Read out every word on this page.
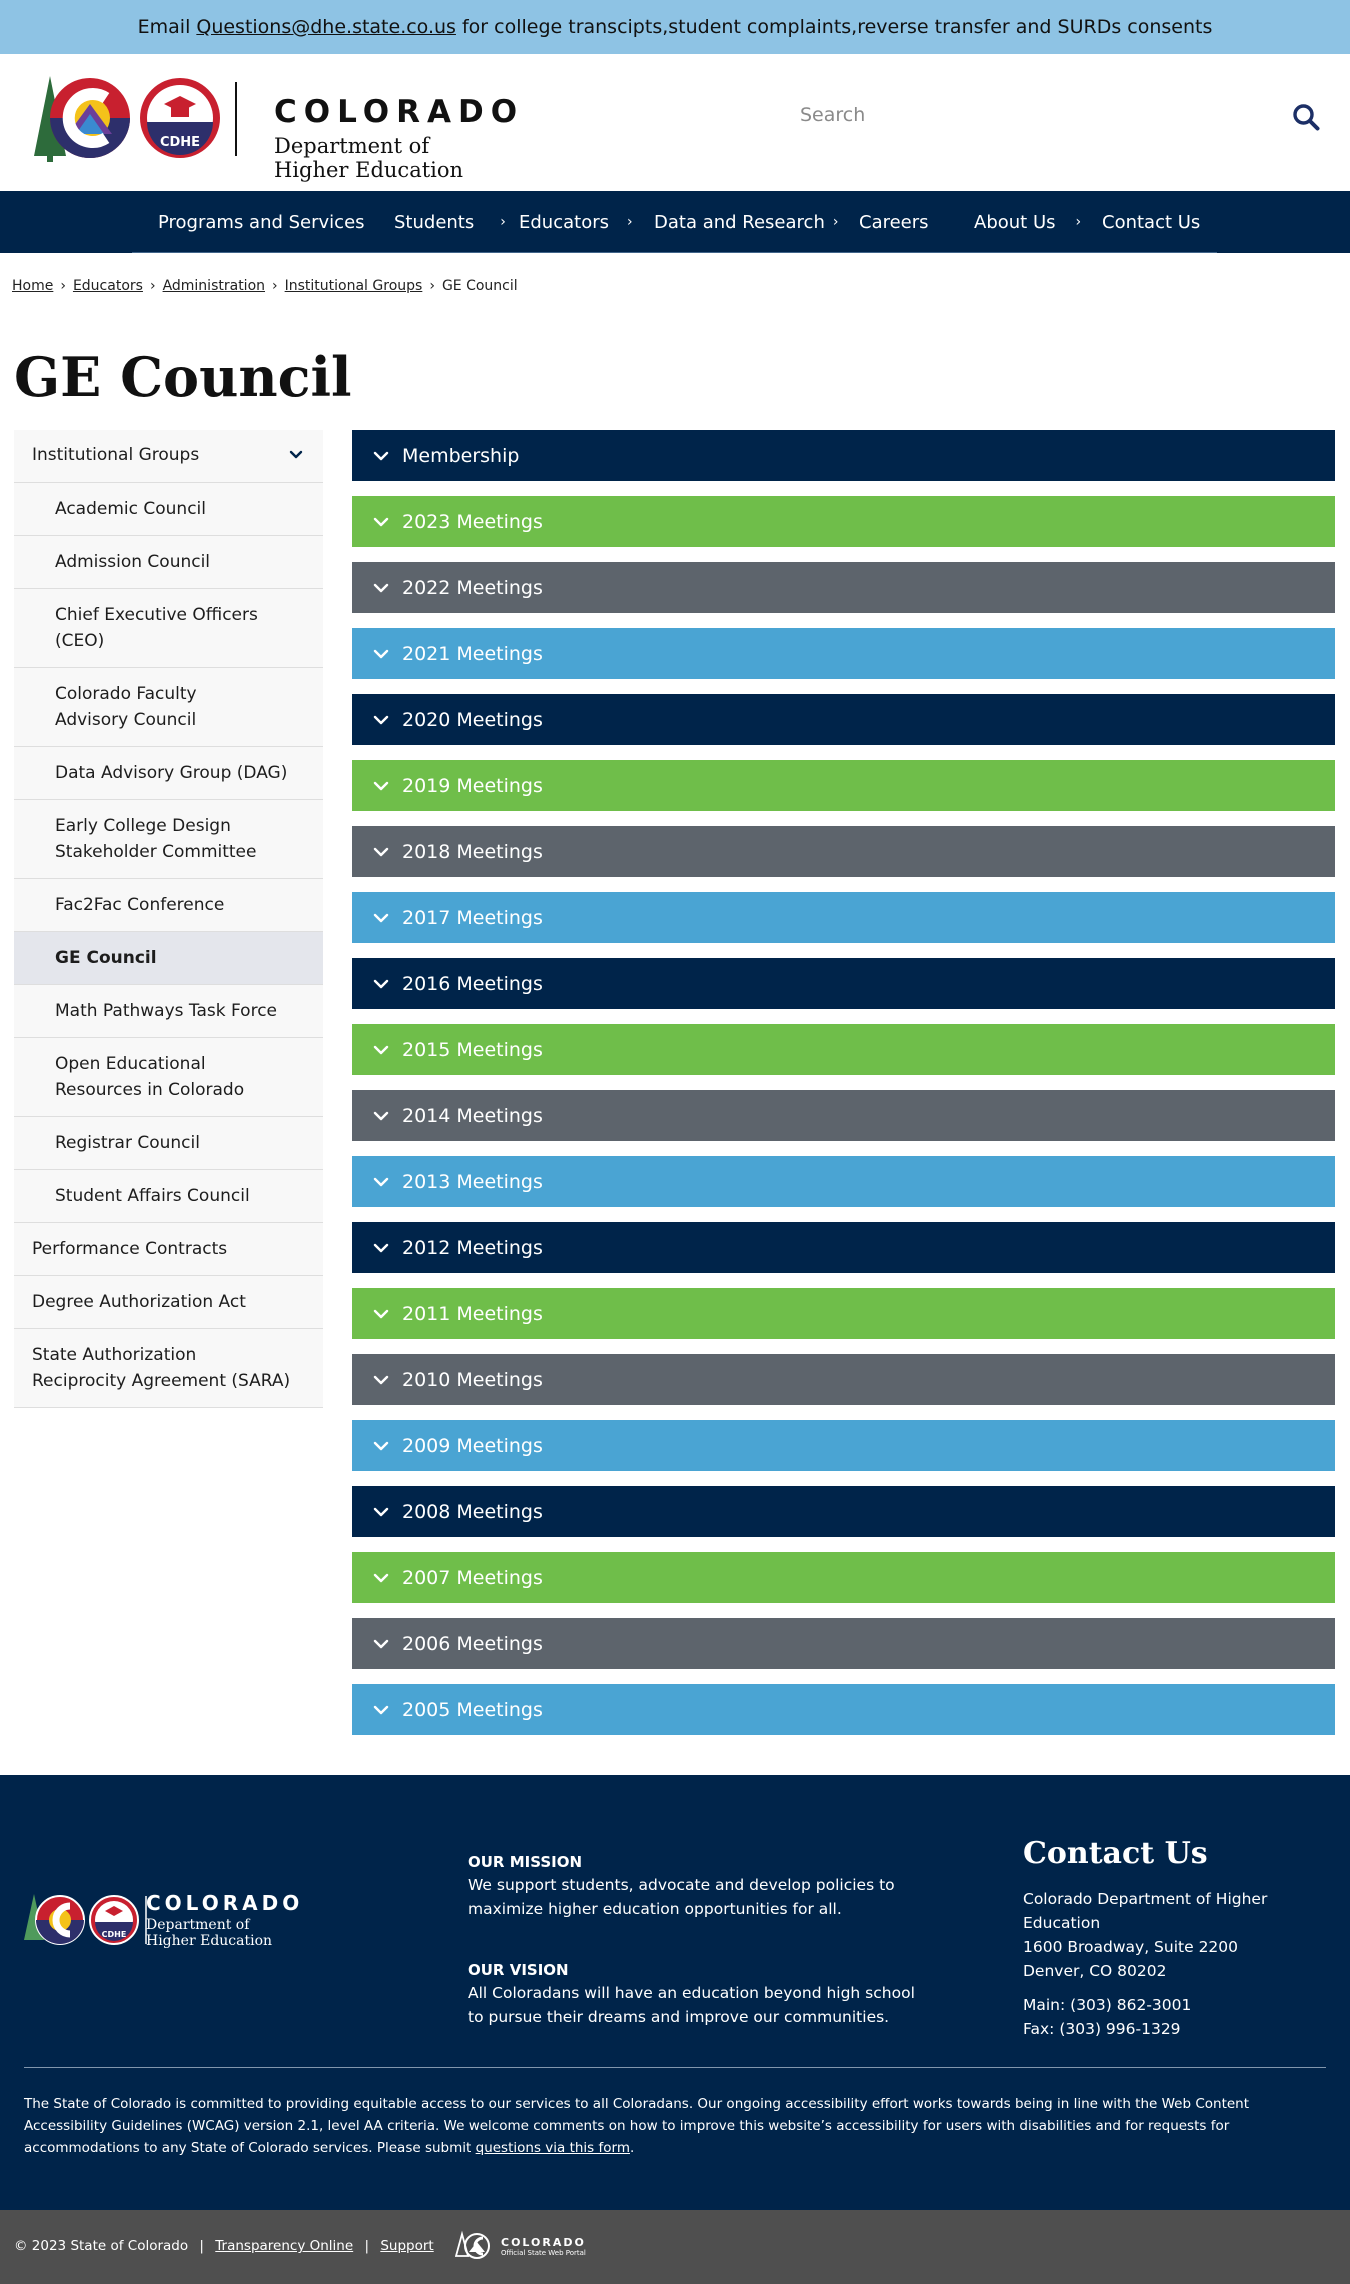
Email Questions@dhe.state.co.us for college transcipts,student complaints,reverse transfer and SURDs consents
CDHE
COLORADO
Department of
Higher Education
Search
Programs and Services Students › Educators › Data and Research › Careers	About Us › Contact Us
Home › Educators › Administration › Institutional Groups › GE Council
GE Council
Institutional Groups
Academic Council
Admission Council
Chief Executive Officers (CEO)
Colorado Faculty Advisory Council
Data Advisory Group (DAG)
Early College Design Stakeholder Committee
Fac2Fac Conference
GE Council
Math Pathways Task Force
Open Educational Resources in Colorado
Registrar Council
Student Affairs Council
Performance Contracts
Degree Authorization Act
State Authorization Reciprocity Agreement (SARA)
Membership
2023 Meetings
2022 Meetings
2021 Meetings
2020 Meetings
2019 Meetings
2018 Meetings
2017 Meetings
2016 Meetings
2015 Meetings
2014 Meetings
2013 Meetings
2012 Meetings
2011 Meetings
2010 Meetings
2009 Meetings
2008 Meetings
2007 Meetings
2006 Meetings
2005 Meetings
CDHE
COLORADO
Department of
Higher Education
OUR MISSION

We support students, advocate and develop policies to maximize higher education opportunities for all.

OUR VISION

All Coloradans will have an education beyond high school to pursue their dreams and improve our communities.

Contact Us
Colorado Department of Higher Education
1600 Broadway, Suite 2200
Denver, CO 80202
Main: (303) 862-3001
Fax: (303) 996-1329

The State of Colorado is committed to providing equitable access to our services to all Coloradans. Our ongoing accessibility effort works towards being in line with the Web Content Accessibility Guidelines (WCAG) version 2.1, level AA criteria. We welcome comments on how to improve this website’s accessibility for users with disabilities and for requests for accommodations to any State of Colorado services. Please submit questions via this form.

© 2023 State of Colorado | Transparency Online | Support	COLORADO
Official State Web Portal
